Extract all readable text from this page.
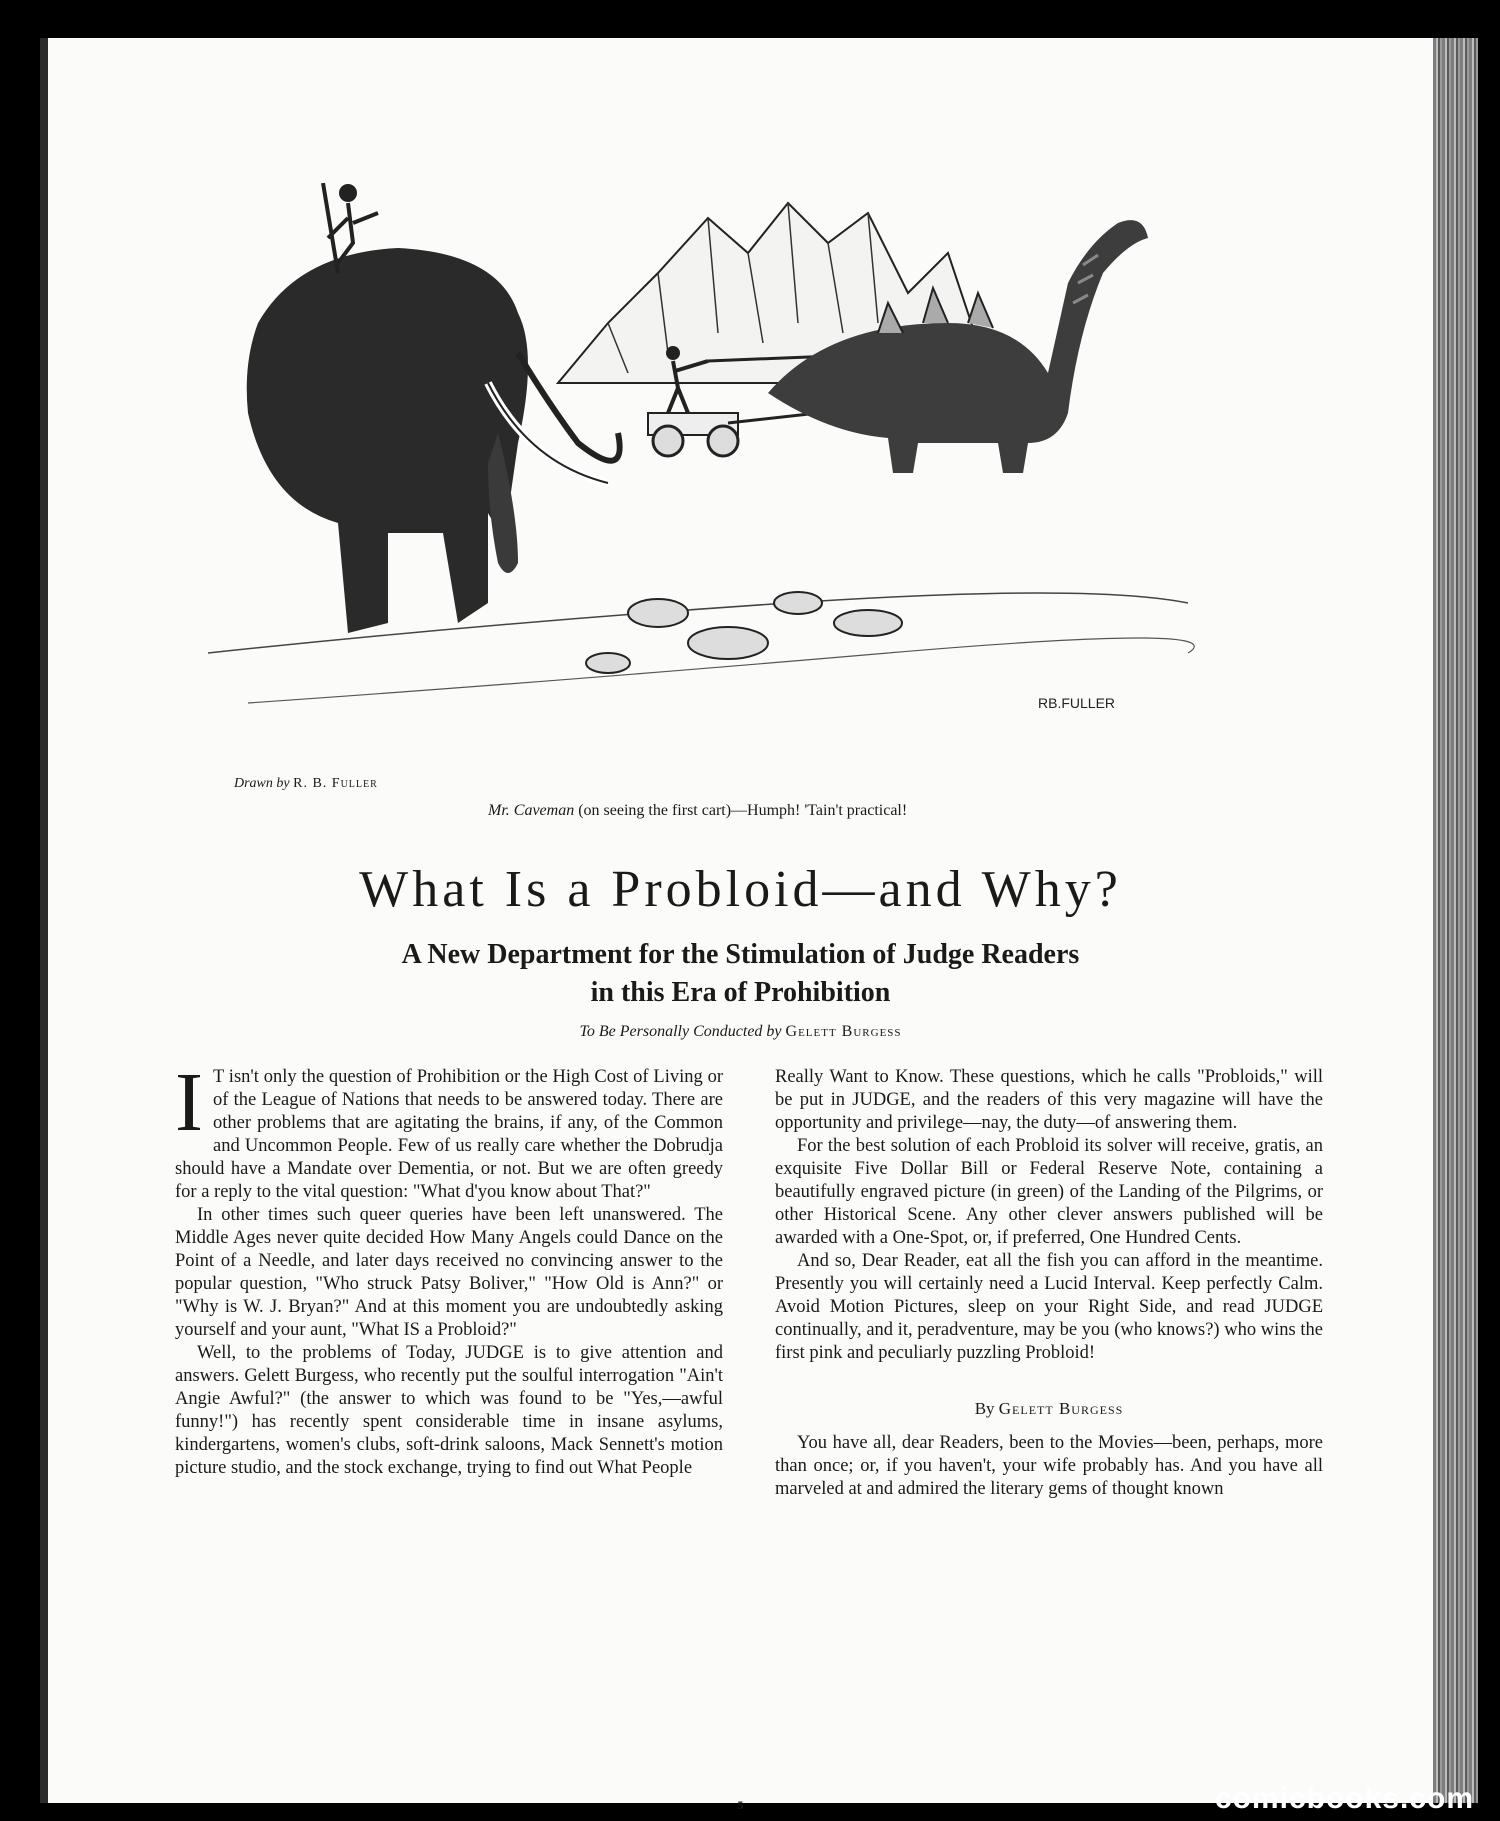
RB.FULLER
Drawn by R. B. Fuller
Mr. Caveman (on seeing the first cart)—Humph! 'Tain't practical!
What Is a Probloid—and Why?
A New Department for the Stimulation of Judge Readers
in this Era of Prohibition
To Be Personally Conducted by Gelett Burgess

I T isn't only the question of Prohibition or the High Cost of Living or of the League of Nations that needs to be answered today. There are other problems that are agitating the brains, if any, of the Common and Uncommon People. Few of us really care whether the Dobrudja should have a Mandate over Dementia, or not. But we are often greedy for a reply to the vital question: "What d'you know about That?"

In other times such queer queries have been left unanswered. The Middle Ages never quite decided How Many Angels could Dance on the Point of a Needle, and later days received no convincing answer to the popular question, "Who struck Patsy Boliver," "How Old is Ann?" or "Why is W. J. Bryan?" And at this moment you are undoubtedly asking yourself and your aunt, "What IS a Probloid?"

Well, to the problems of Today, JUDGE is to give attention and answers. Gelett Burgess, who recently put the soulful interrogation "Ain't Angie Awful?" (the answer to which was found to be "Yes,—awful funny!") has recently spent considerable time in insane asylums, kindergartens, women's clubs, soft-drink saloons, Mack Sennett's motion picture studio, and the stock exchange, trying to find out What People

Really Want to Know. These questions, which he calls "Probloids," will be put in JUDGE, and the readers of this very magazine will have the opportunity and privilege—nay, the duty—of answering them.

For the best solution of each Probloid its solver will receive, gratis, an exquisite Five Dollar Bill or Federal Reserve Note, containing a beautifully engraved picture (in green) of the Landing of the Pilgrims, or other Historical Scene. Any other clever answers published will be awarded with a One-Spot, or, if preferred, One Hundred Cents.

And so, Dear Reader, eat all the fish you can afford in the meantime. Presently you will certainly need a Lucid Interval. Keep perfectly Calm. Avoid Motion Pictures, sleep on your Right Side, and read JUDGE continually, and it, peradventure, may be you (who knows?) who wins the first pink and peculiarly puzzling Probloid!

By Gelett Burgess

You have all, dear Readers, been to the Movies—been, perhaps, more than once; or, if you haven't, your wife probably has. And you have all marveled at and admired the literary gems of thought known

5	comicbooks.com
